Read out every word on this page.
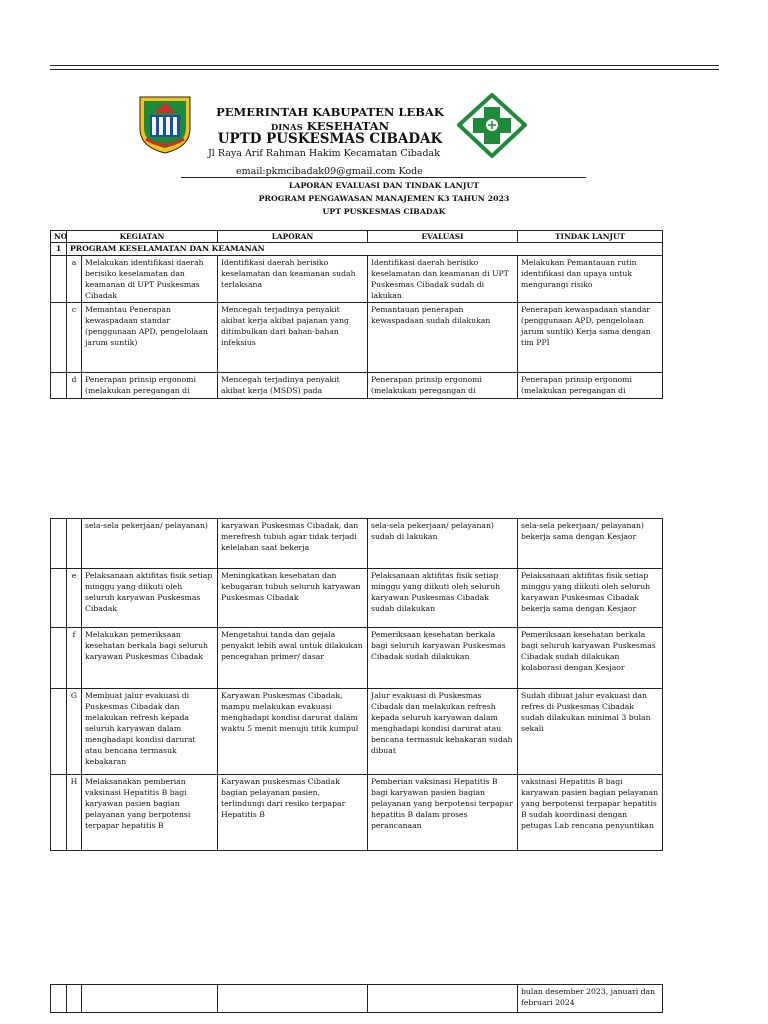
PEMERINTAH KABUPATEN LEBAK
DINAS KESEHATAN
UPTD PUSKESMAS CIBADAK
Jl Raya Arif Rahman Hakim Kecamatan Cibadak
email:pkmcibadak09@gmail.com Kode
LAPORAN EVALUASI DAN TINDAK LANJUT
PROGRAM PENGAWASAN MANAJEMEN K3 TAHUN 2023
UPT PUSKESMAS CIBADAK
NO	KEGIATAN		LAPORAN	EVALUASI	TINDAK LANJUT
1	PROGRAM KESELAMATAN DAN KEAMANAN				
	a	Melakukan identifikasi daerah berisiko keselamatan dan keamanan di UPT Puskesmas Cibadak	Identifikasi daerah berisiko keselamatan dan keamanan sudah terlaksana	Identifikasi daerah berisiko keselamatan dan keamanan di UPT Puskesmas Cibadak sudah di lakukan	Melakukan Pemantauan rutin identifikasi dan upaya untuk mengurangi risiko
	c	Memantau Penerapan kewaspadaan standar (penggunaan APD, pengelolaan jarum suntik)	Mencegah terjadinya penyakit akibat kerja akibat pajanan yang ditimbulkan dari bahan-bahan infeksius	Pemantauan penerapan kewaspadaan sudah dilakukan	Penerapan kewaspadaan standar (penggunaan APD, pengelolaan jarum suntik) Kerja sama dengan tim PPI
	d	Penerapan prinsip ergonomi (melakukan peregangan di	Mencegah terjadinya penyakit akibat kerja (MSDS) pada	Penerapan prinsip ergonomi (melakukan peregangan di	Penerapan prinsip ergonomi (melakukan peregangan di
		sela-sela pekerjaan/ pelayanan)	karyawan Puskesmas Cibadak, dan merefresh tubuh agar tidak terjadi kelelahan saat bekerja	sela-sela pekerjaan/ pelayanan) sudah di lakukan	sela-sela pekerjaan/ pelayanan) bekerja sama dengan Kesjaor
	e	Pelaksanaan aktifitas fisik setiap minggu yang diikuti oleh seluruh karyawan Puskesmas Cibadak	Meningkatkan kesehatan dan kebugaran tubuh seluruh karyawan Puskesmas Cibadak	Pelaksanaan aktifitas fisik setiap minggu yang diikuti oleh seluruh karyawan Puskesmas Cibadak sudah dilakukan	Pelaksanaan aktifitas fisik setiap minggu yang diikuti oleh seluruh karyawan Puskesmas Cibadak bekerja sama dengan Kesjaor
	f	Melakukan pemeriksaan kesehatan berkala bagi seluruh karyawan Puskesmas Cibadak	Mengetahui tanda dan gejala penyakit lebih awal untuk dilakukan pencegahan primer/ dasar	Pemeriksaan kesehatan berkala bagi seluruh karyawan Puskesmas Cibadak sudah dilakukan	Pemeriksaan kesehatan berkala bagi seluruh karyawan Puskesmas Cibadak sudah dilakukan kolaborasi dengan Kesjaor
	G	Membuat jalur evakuasi di Puskesmas Cibadak dan melakukan refresh kepada seluruh karyawan dalam menghadapi kondisi darurat atau bencana termasuk kebakaran	Karyawan Puskesmas Cibadak, mampu melakukan evakuasi menghadapi kondisi darurat dalam waktu 5 menit menuju titik kumpul	Jalur evakuasi di Puskesmas Cibadak dan melakukan refresh kepada seluruh karyawan dalam menghadapi kondisi darurat atau bencana termasuk kebakaran sudah dibuat	Sudah dibuat jalur evakuasi dan refres di Puskesmas Cibadak sudah dilakukan minimal 3 bulan sekali
	H	Melaksanakan pemberian vaksinasi Hepatitis B bagi karyawan pasien bagian pelayanan yang berpotensi terpapar hepatitis B	Karyawan puskesmas Cibadak bagian pelayanan pasien, terlindungi dari resiko terpapar Hepatitis B	Pemberian vaksinasi Hepatitis B bagi karyawan pasien bagian pelayanan yang berpotensi terpapar hepatitis B dalam proses perancanaan	vaksinasi Hepatitis B bagi karyawan pasien bagian pelayanan yang berpotensi terpapar hepatitis B sudah koordinasi dengan petugas Lab rencana penyuntikan
					bulan desember 2023, januari dan februari 2024
